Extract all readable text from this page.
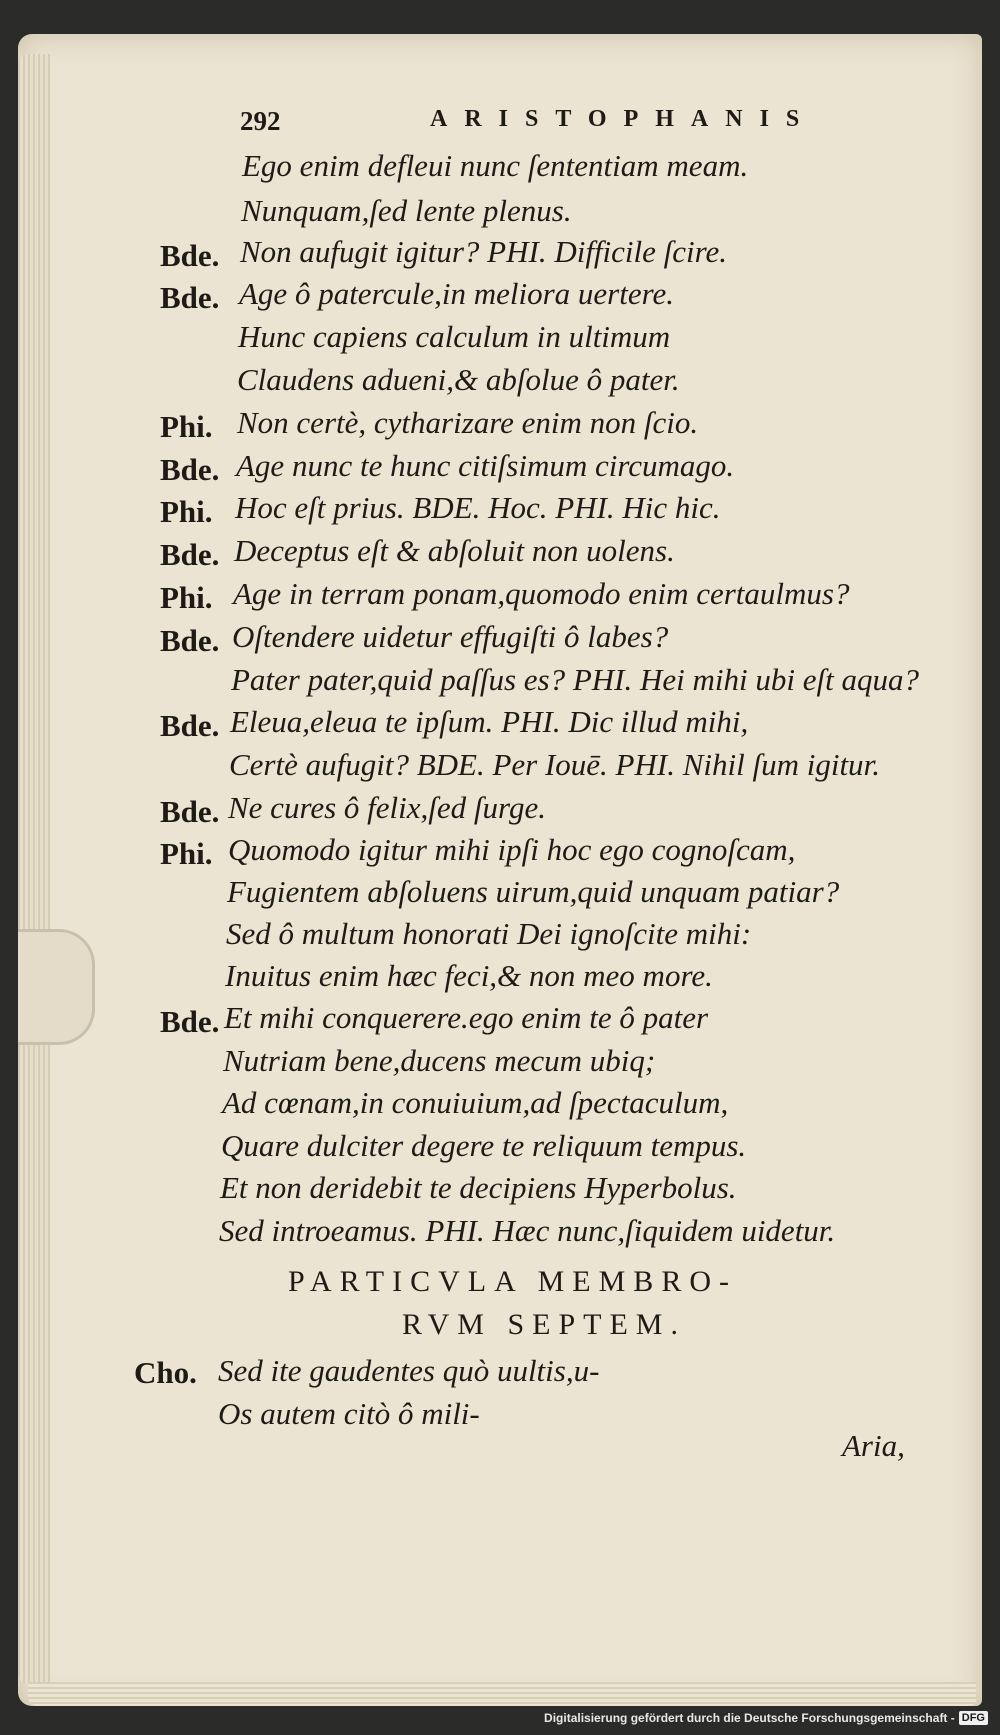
292	ARISTOPHANIS
Ego enim defleui nunc ſententiam meam.
Nunquam,ſed lente plenus.
Bde. Non aufugit igitur? PHI. Difficile ſcire.
Bde. Age ô patercule,in meliora uertere.
Hunc capiens calculum in ultimum
Claudens adueni,& abſolue ô pater.
Phi. Non certè, cytharizare enim non ſcio.
Bde. Age nunc te hunc citiſsimum circumago.
Phi. Hoc eſt prius. BDE. Hoc. PHI. Hic hic.
Bde. Deceptus eſt & abſoluit non uolens.
Phi. Age in terram ponam,quomodo enim certaulmus?
Bde. Oſtendere uidetur effugiſti ô labes?
Pater pater,quid paſſus es? PHI. Hei mihi ubi eſt aqua?
Bde. Eleua,eleua te ipſum. PHI. Dic illud mihi,
Certè aufugit? BDE. Per Iouē. PHI. Nihil ſum igitur.
Bde. Ne cures ô felix,ſed ſurge.
Phi. Quomodo igitur mihi ipſi hoc ego cognoſcam,
Fugientem abſoluens uirum,quid unquam patiar?
Sed ô multum honorati Dei ignoſcite mihi:
Inuitus enim hæc feci,& non meo more.
Bde. Et mihi conquerere.ego enim te ô pater
Nutriam bene,ducens mecum ubiq;
Ad cœnam,in conuiuium,ad ſpectaculum,
Quare dulciter degere te reliquum tempus.
Et non deridebit te decipiens Hyperbolus.
Sed introeamus. PHI. Hæc nunc,ſiquidem uidetur.
PARTICVLA MEMBRO-
RVM SEPTEM.
Cho. Sed ite gaudentes quò uultis,u-
Os autem citò ô mili-
Aria,
Digitalisierung gefördert durch die Deutsche Forschungsgemeinschaft - DFG
